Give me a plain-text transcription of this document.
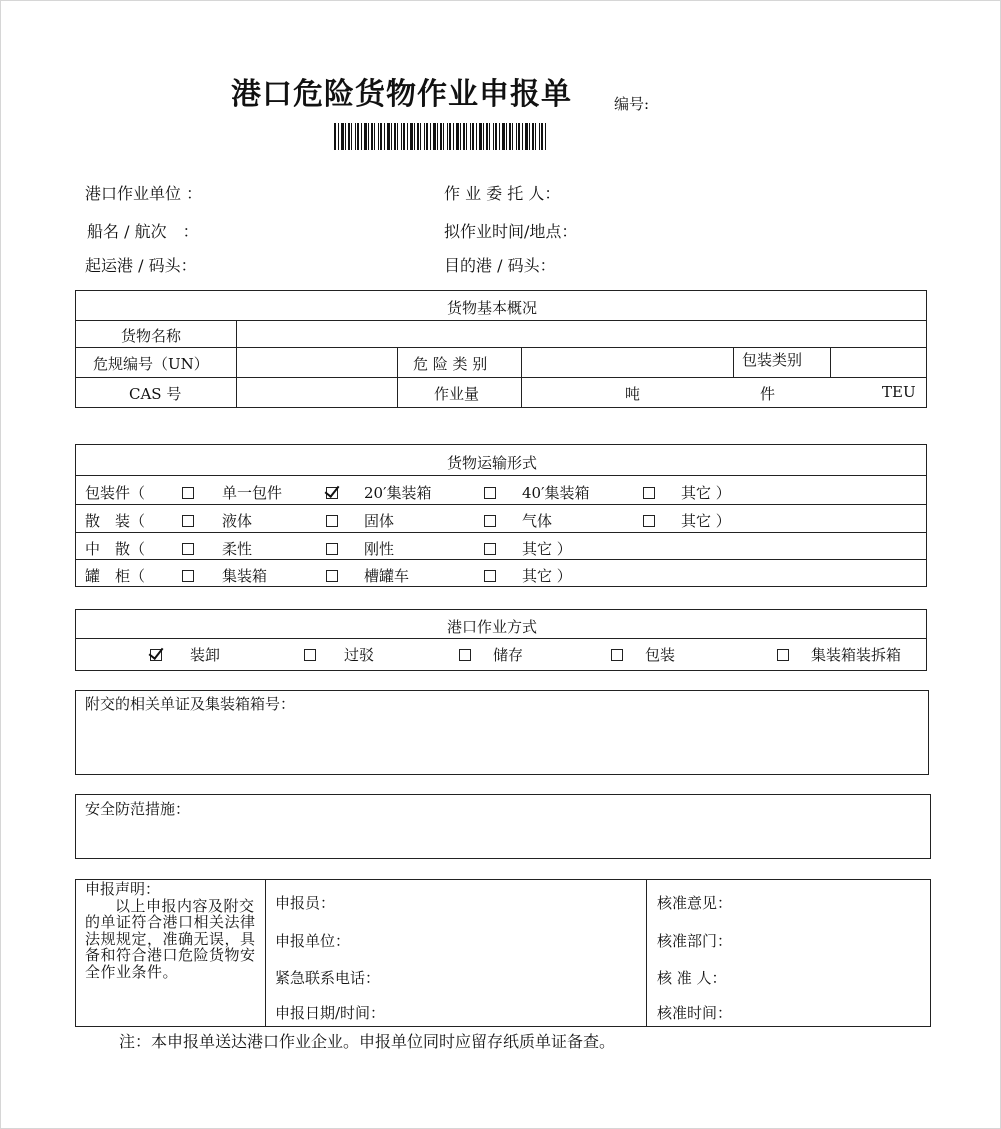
港口危险货物作业申报单	编号:
港口作业单位 ：	作 业 委 托 人：
船名 / 航次　：	拟作业时间/地点：
起运港 / 码头：	目的港 / 码头：
货物基本概况
货物名称
危规编号（UN）	危 险 类 别	包装类别
CAS 号	作业量	吨	件	TEU
货物运输形式
包装件（	单一包件	20′集装箱	40′集装箱	其它 ）
散　装（	液体	固体	气体	其它 ）
中　散（	柔性	刚性	其它 ）
罐　柜（	集装箱	槽罐车	其它 ）
港口作业方式
装卸	过驳	储存	包装	集装箱装拆箱
附交的相关单证及集装箱箱号：
安全防范措施：

申报声明：

以上申报内容及附交的单证符合港口相关法律法规规定，准确无误，具备和符合港口危险货物安全作业条件。

申报员：
申报单位：
紧急联系电话：
申报日期/时间：
核准意见：
核准部门：
核 准 人：
核准时间：
注：本申报单送达港口作业企业。申报单位同时应留存纸质单证备查。
